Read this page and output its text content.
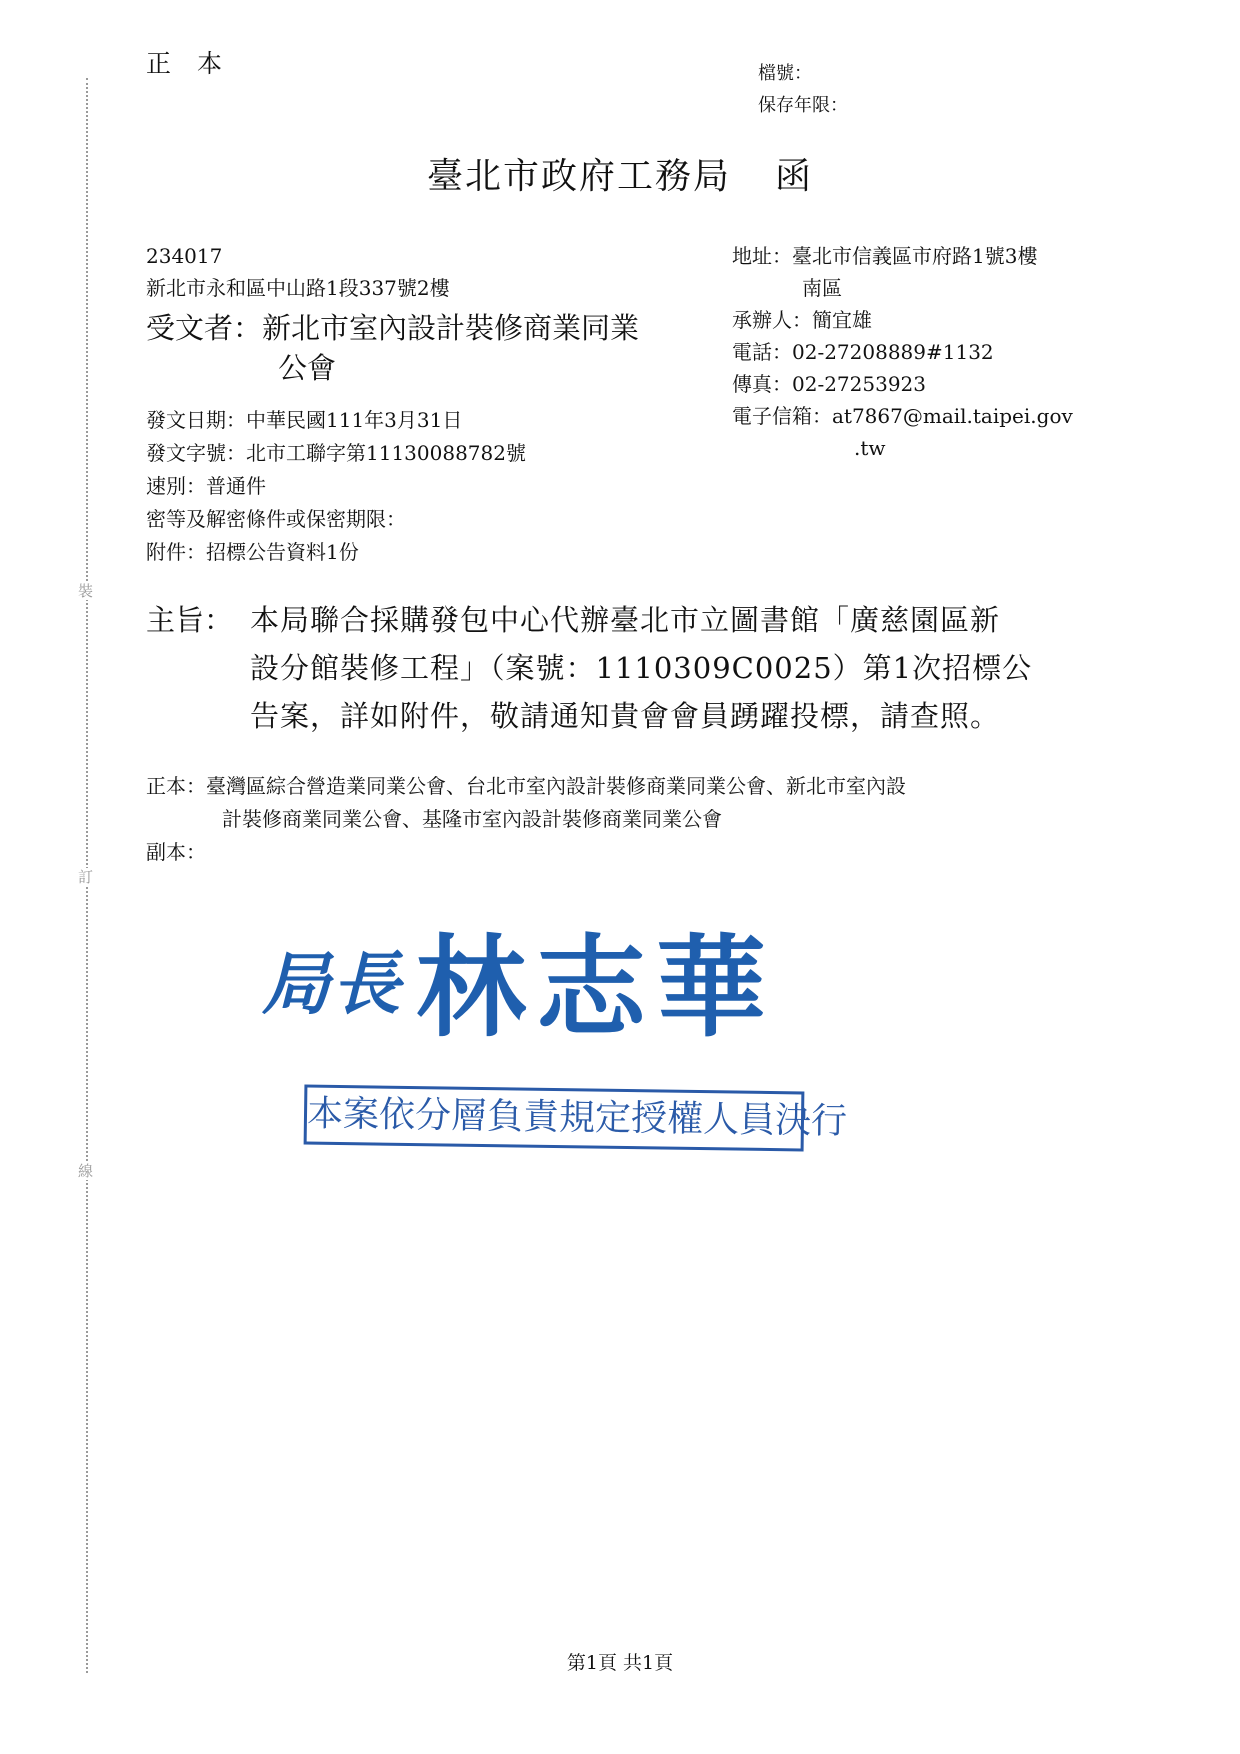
裝
訂
線
正本	檔號：
保存年限：
臺北市政府工務局 函
234017
新北市永和區中山路1段337號2樓
受文者：新北市室內設計裝修商業同業
公會
地址：臺北市信義區市府路1號3樓
南區
承辦人：簡宜雄
電話：02-27208889#1132
傳真：02-27253923
電子信箱：at7867@mail.taipei.gov
.tw
發文日期：中華民國111年3月31日
發文字號：北市工聯字第11130088782號
速別：普通件
密等及解密條件或保密期限：
附件：招標公告資料1份
主旨： 本局聯合採購發包中心代辦臺北市立圖書館「廣慈園區新
設分館裝修工程」（案號：1110309C0025）第1次招標公
告案，詳如附件，敬請通知貴會會員踴躍投標，請查照。
正本：臺灣區綜合營造業同業公會、台北市室內設計裝修商業同業公會、新北市室內設
計裝修商業同業公會、基隆市室內設計裝修商業同業公會
副本：
局長 林志華
本案依分層負責規定授權人員決行
第1頁 共1頁
